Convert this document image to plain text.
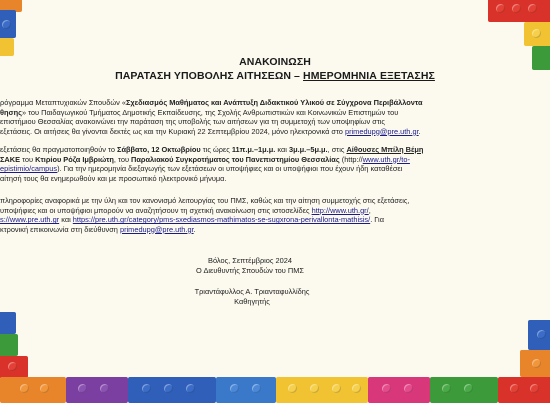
ΑΝΑΚΟΙΝΩΣΗ
ΠΑΡΑΤΑΣΗ ΥΠΟΒΟΛΗΣ ΑΙΤΗΣΕΩΝ – ΗΜΕΡΟΜΗΝΙΑ ΕΞΕΤΑΣΗΣ
ρόγραμμα Μεταπτυχιακών Σπουδών «Σχεδιασμός Μαθήματος και Ανάπτυξη Διδακτικού Υλικού σε Σύγχρονα Περιβάλλοντα
θησης» του Παιδαγωγικού Τμήματος Δημοτικής Εκπαίδευσης, της Σχολής Ανθρωπιστικών και Κοινωνικών Επιστημών του
επιστήμιου Θεσσαλίας ανακοινώνει την παράταση της υποβολής των αιτήσεων για τη συμμετοχή των υποψηφίων στις
εξετάσεις. Οι αιτήσεις θα γίνονται δεκτές ως και την Κυριακή 22 Σεπτεμβρίου 2024, μόνο ηλεκτρονικά στο primedupg@pre.uth.gr.
εξετάσεις θα πραγματοποιηθούν το Σάββατο, 12 Οκτωβρίου τις ώρες 11π.μ.–1μ.μ. και 3μ.μ.–5μ.μ., στις Αίθουσες Μπίλη Βέμη
ΣΑΚΕ του Κτιρίου Ρόζα Ιμβριώτη, του Παραλιακού Συγκροτήματος του Πανεπιστημίου Θεσσαλίας (http://www.uth.gr/to-
epistimio/campus). Για την ημερομηνία διεξαγωγής των εξετάσεων οι υποψήφιες και οι υποψήφιοι που έχουν ήδη καταθέσει
αίτησή τους θα ενημερωθούν και με προσωπικό ηλεκτρονικό μήνυμα.
πληροφορίες αναφορικά με την ύλη και τον κανονισμό λειτουργίας του ΠΜΣ, καθώς και την αίτηση συμμετοχής στις εξετάσεις,
υποψήφιες και οι υποψήφιοι μπορούν να αναζητήσουν τη σχετική ανακοίνωση στις ιστοσελίδες http://www.uth.gr/,
s://www.pre.uth.gr και https://pre.uth.gr/category/pms-sxediasmos-mathimatos-se-sugxrona-perivallonta-mathisis/. Για
κτρονική επικοινωνία στη διεύθυνση primedupg@pre.uth.gr.
Βόλος, Σεπτέμβριος 2024
Ο Διευθυντής Σπουδών του ΠΜΣ
Τριαντάφυλλος Α. Τριανταφυλλίδης
Καθηγητής
